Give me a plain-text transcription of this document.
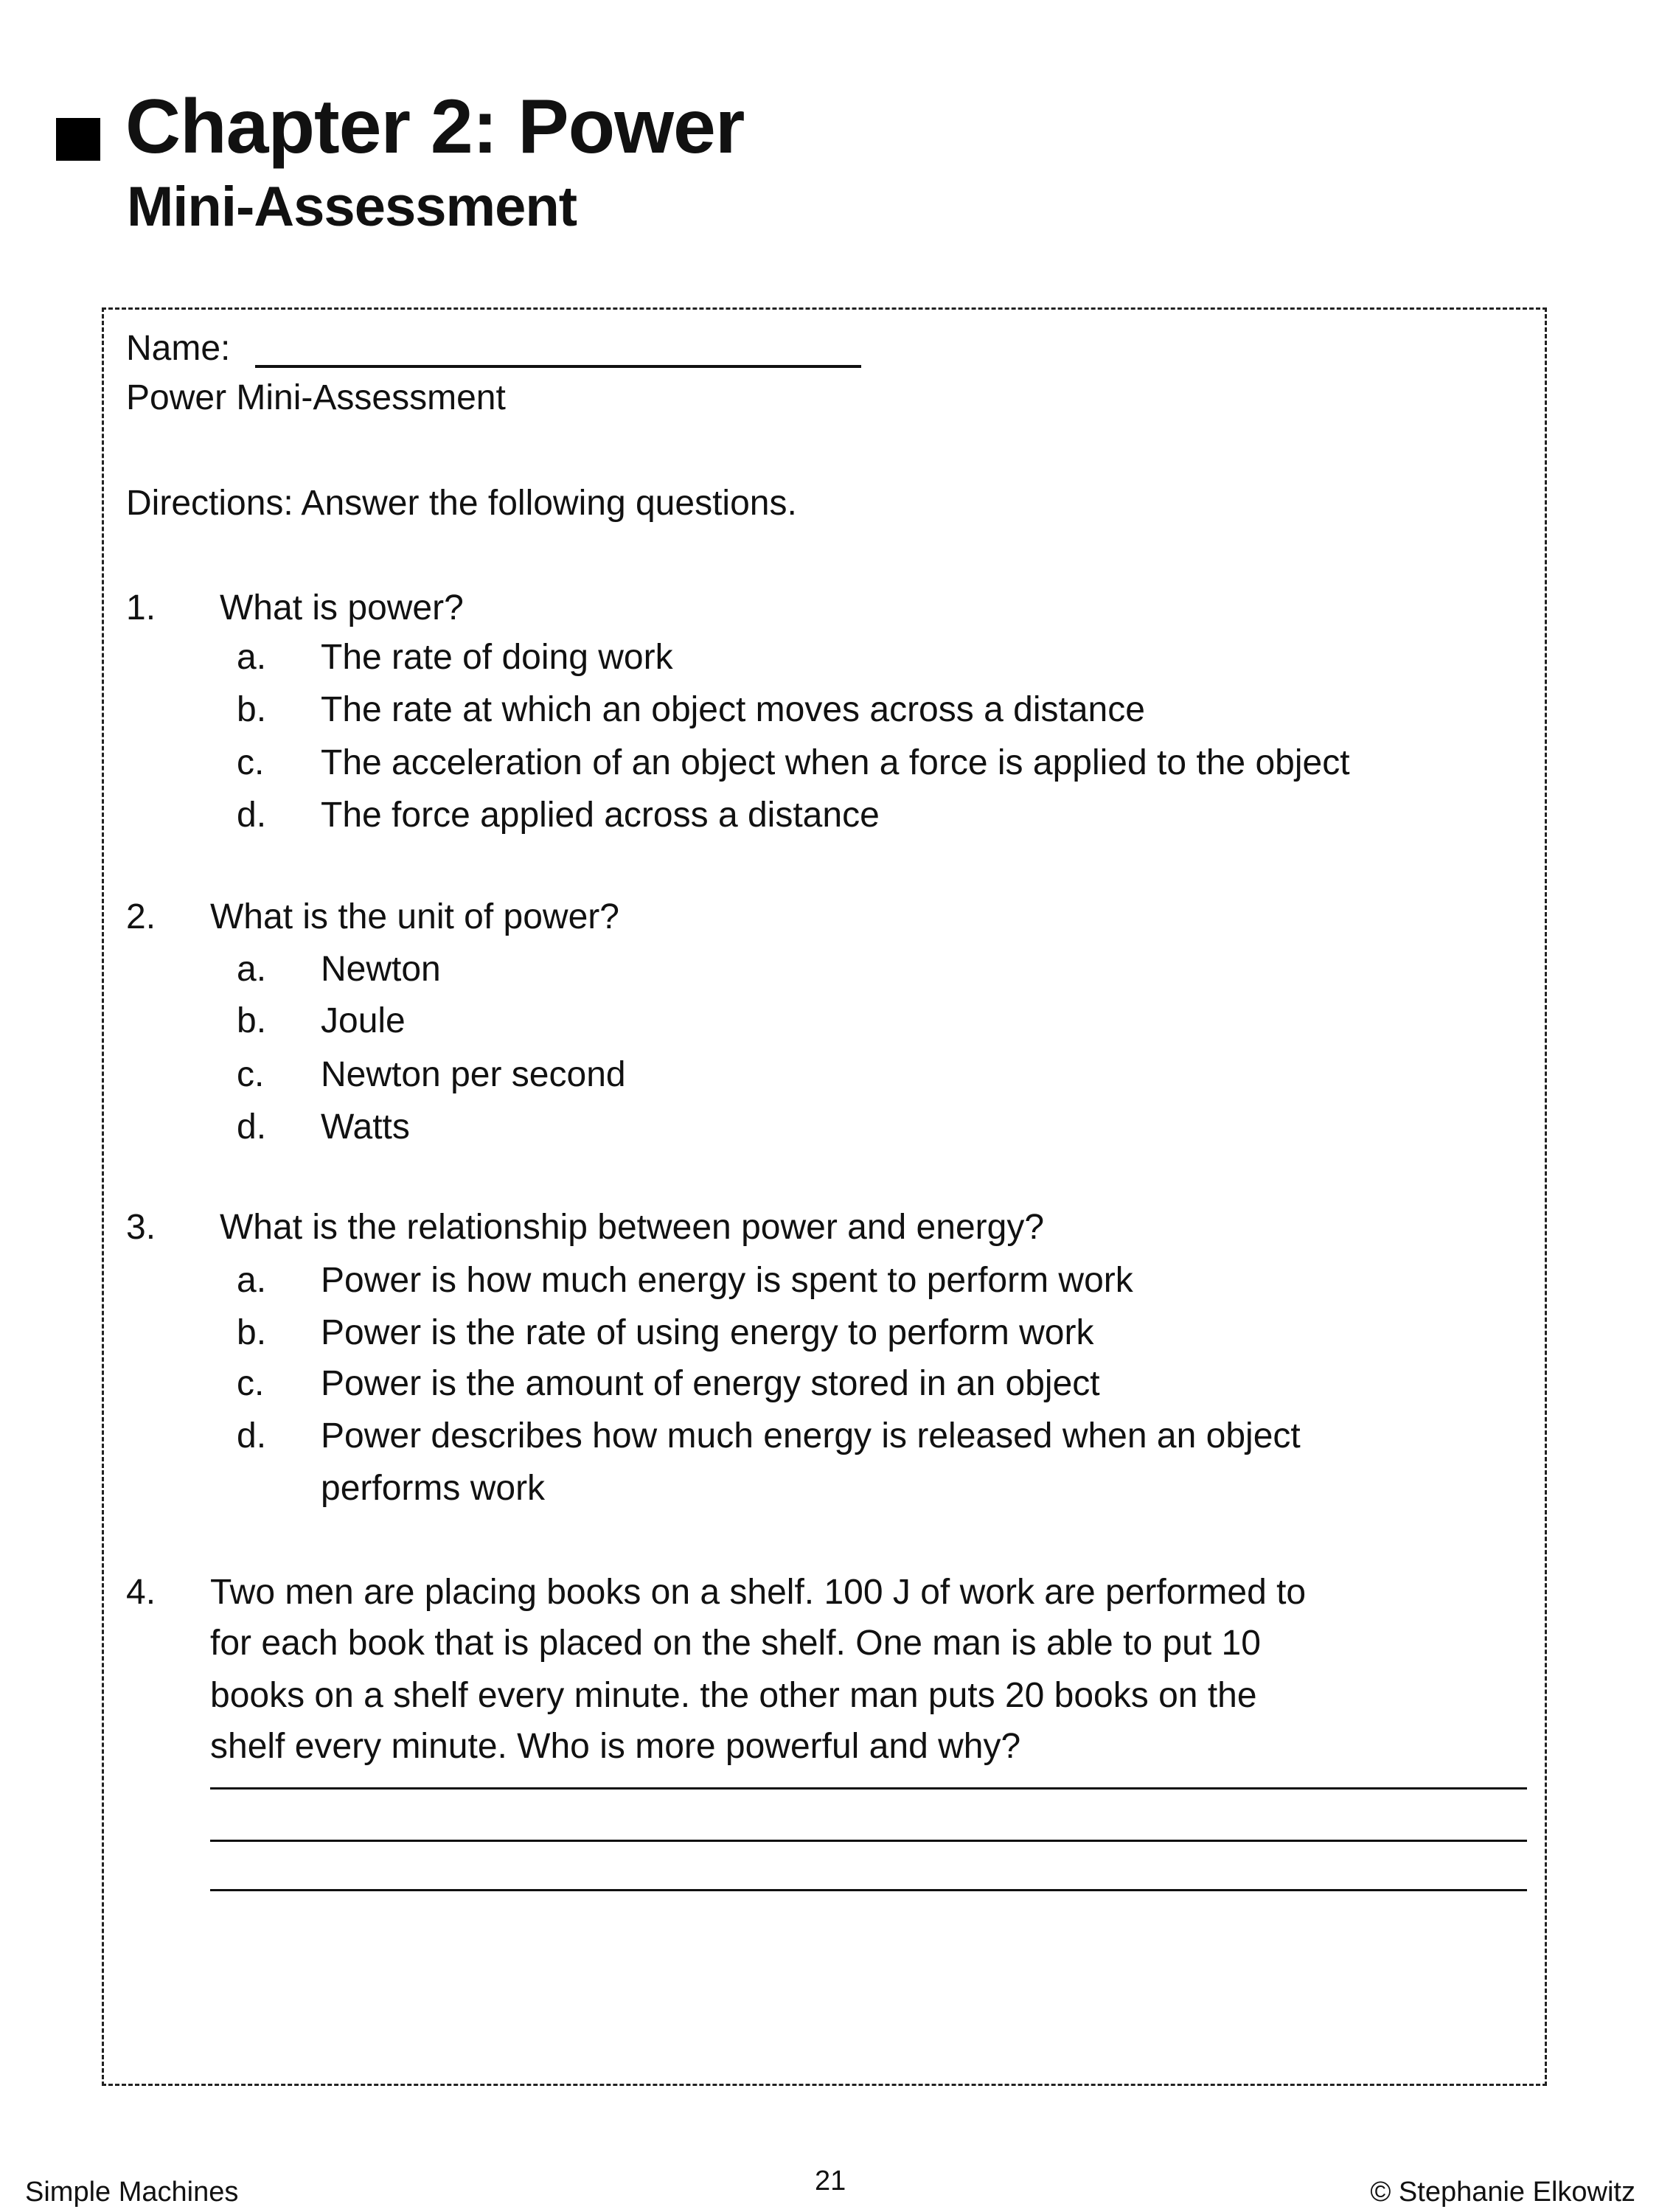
Chapter 2: Power
Mini-Assessment
Name:
Power Mini-Assessment
Directions: Answer the following questions.
1. What is power?
a. The rate of doing work
b. The rate at which an object moves across a distance
c. The acceleration of an object when a force is applied to the object
d. The force applied across a distance
2. What is the unit of power?
a. Newton
b. Joule
c. Newton per second
d. Watts
3. What is the relationship between power and energy?
a. Power is how much energy is spent to perform work
b. Power is the rate of using energy to perform work
c. Power is the amount of energy stored in an object
d. Power describes how much energy is released when an object
performs work
4. Two men are placing books on a shelf. 100 J of work are performed to
for each book that is placed on the shelf. One man is able to put 10
books on a shelf every minute. the other man puts 20 books on the
shelf every minute. Who is more powerful and why?
Simple Machines	21	© Stephanie Elkowitz
